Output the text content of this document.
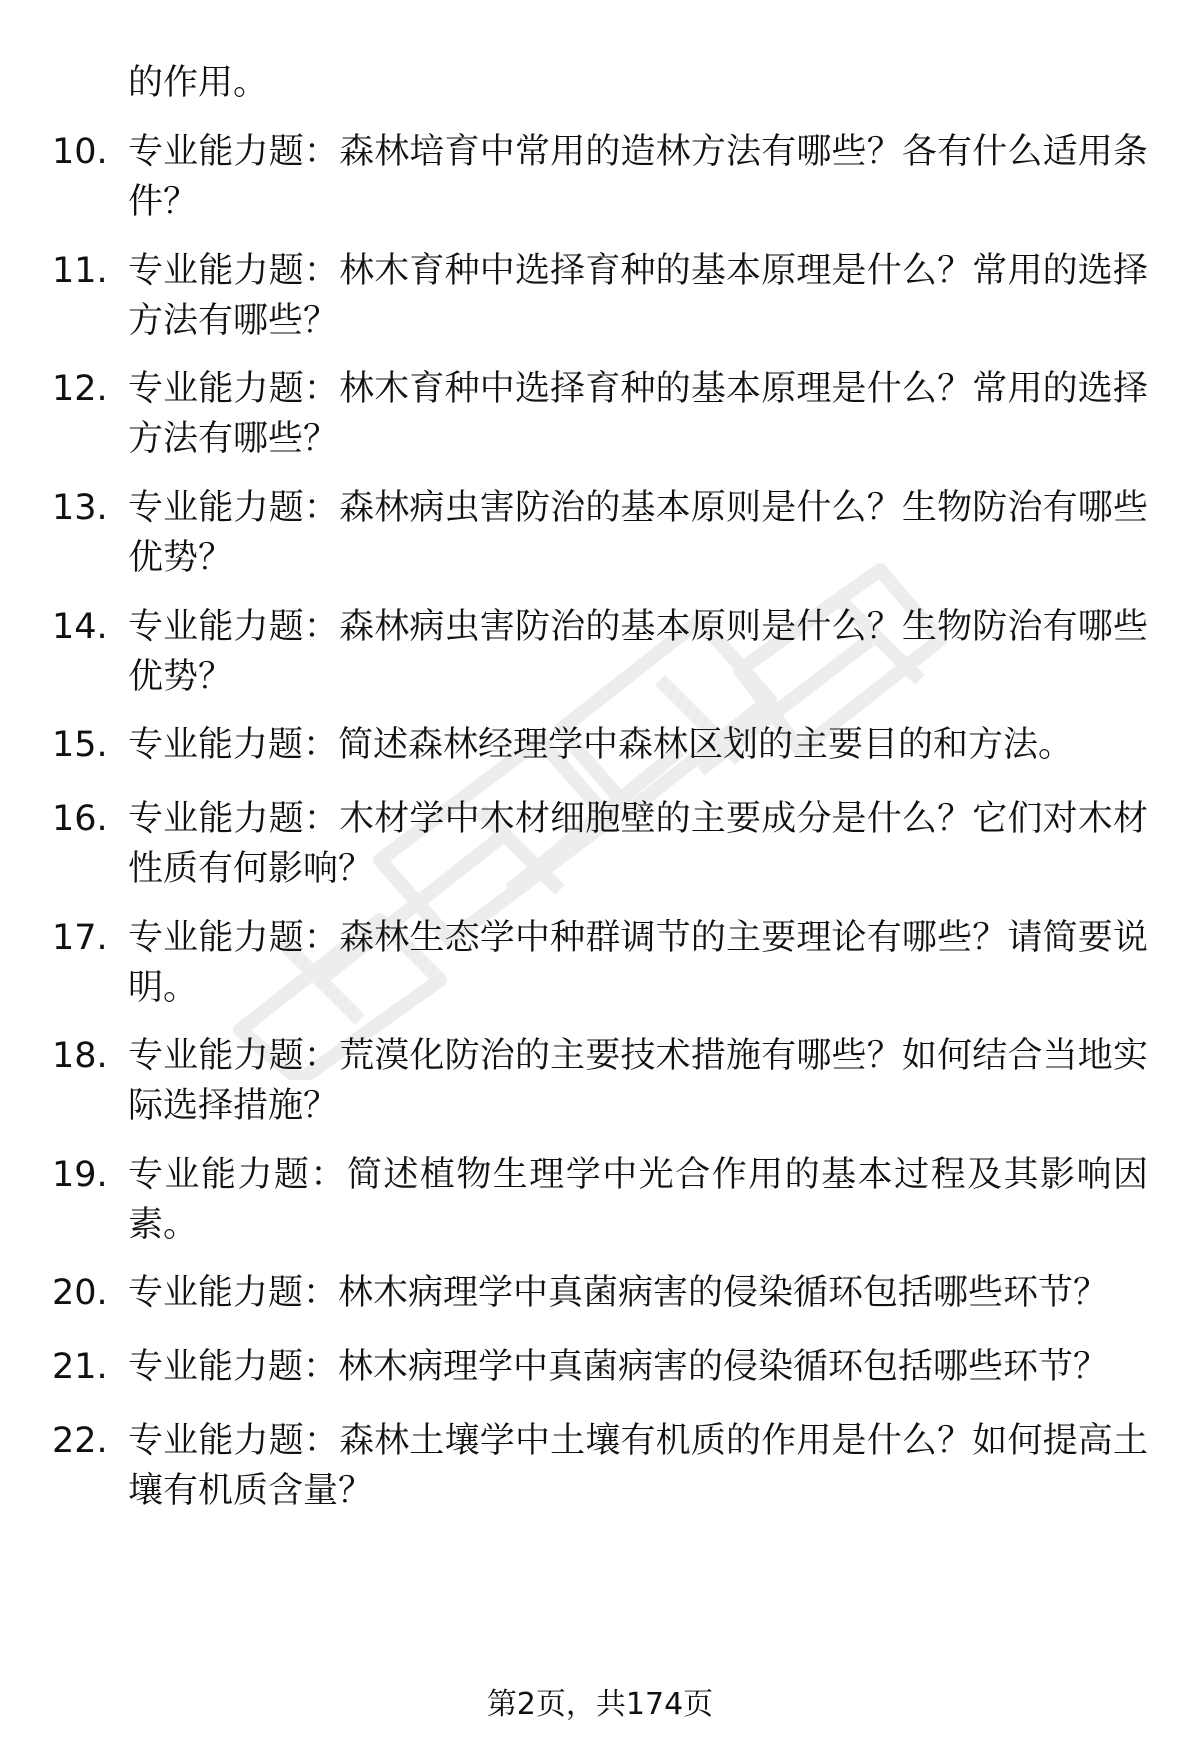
的作用。
10. 专业能力题：森林培育中常用的造林方法有哪些？各有什么适用条件？
11. 专业能力题：林木育种中选择育种的基本原理是什么？常用的选择方法有哪些？
12. 专业能力题：林木育种中选择育种的基本原理是什么？常用的选择方法有哪些？
13. 专业能力题：森林病虫害防治的基本原则是什么？生物防治有哪些优势？
14. 专业能力题：森林病虫害防治的基本原则是什么？生物防治有哪些优势？
15. 专业能力题：简述森林经理学中森林区划的主要目的和方法。
16. 专业能力题：木材学中木材细胞壁的主要成分是什么？它们对木材性质有何影响？
17. 专业能力题：森林生态学中种群调节的主要理论有哪些？请简要说明。
18. 专业能力题：荒漠化防治的主要技术措施有哪些？如何结合当地实际选择措施？
19. 专业能力题：简述植物生理学中光合作用的基本过程及其影响因素。
20. 专业能力题：林木病理学中真菌病害的侵染循环包括哪些环节？
21. 专业能力题：林木病理学中真菌病害的侵染循环包括哪些环节？
22. 专业能力题：森林土壤学中土壤有机质的作用是什么？如何提高土壤有机质含量？
第2页，共174页
